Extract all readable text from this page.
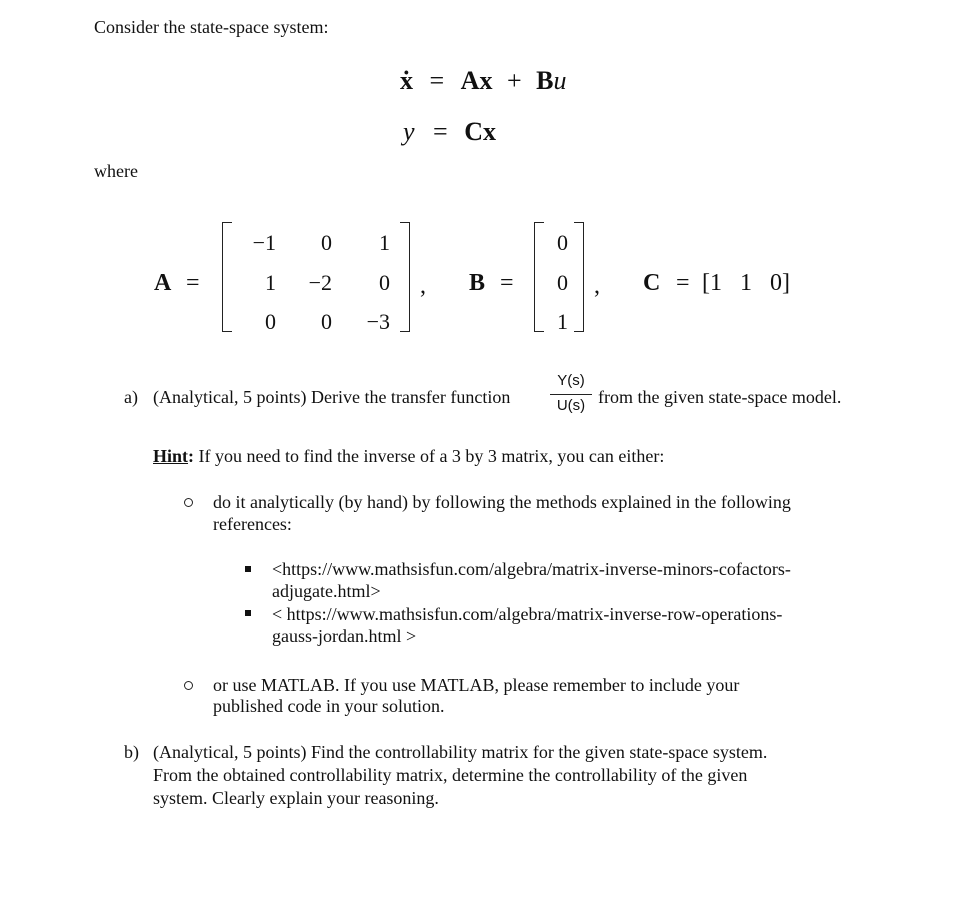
Consider the state-space system:
ẋ = Ax + Bu
y = Cx
where
A =
−1	0	1
1	−2	0
0	0	−3
, B =
0
0
1
, C = [1   1   0]
a) (Analytical, 5 points) Derive the transfer function
Y(s)
U(s) from the given state-space model.
Hint: If you need to find the inverse of a 3 by 3 matrix, you can either:
do it analytically (by hand) by following the methods explained in the following
references:
<https://www.mathsisfun.com/algebra/matrix-inverse-minors-cofactors-
adjugate.html>
< https://www.mathsisfun.com/algebra/matrix-inverse-row-operations-
gauss-jordan.html >
or use MATLAB. If you use MATLAB, please remember to include your
published code in your solution.
b) (Analytical, 5 points) Find the controllability matrix for the given state-space system.
From the obtained controllability matrix, determine the controllability of the given
system. Clearly explain your reasoning.
